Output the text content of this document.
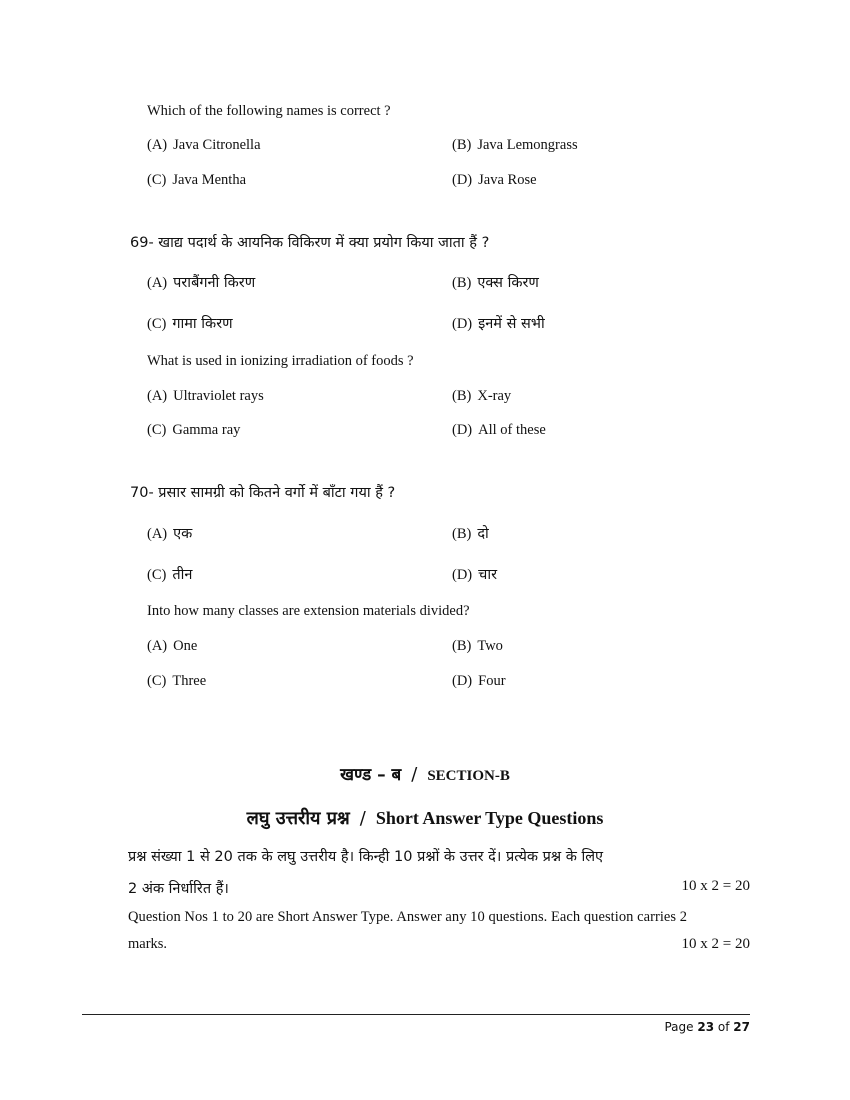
Which of the following names is correct ?
(A) Java Citronella	(B) Java Lemongrass
(C) Java Mentha	(D) Java Rose
69- खाद्य पदार्थ के आयनिक विकिरण में क्या प्रयोग किया जाता हैं ?
(A) पराबैंगनी किरण	(B) एक्स किरण
(C) गामा किरण	(D) इनमें से सभी
What is used in ionizing irradiation of foods ?
(A) Ultraviolet rays	(B) X-ray
(C) Gamma ray	(D) All of these
70- प्रसार सामग्री को कितने वर्गो में बाँटा गया हैं ?
(A) एक	(B) दो
(C) तीन	(D) चार
Into how many classes are extension materials divided?
(A) One	(B) Two
(C) Three	(D) Four
खण्ड – ब / SECTION-B
लघु उत्तरीय प्रश्न / Short Answer Type Questions
प्रश्न संख्या 1 से 20 तक के लघु उत्तरीय है। किन्ही 10 प्रश्नों के उत्तर दें। प्रत्येक प्रश्न के लिए
2 अंक निर्धारित हैं।	10 x 2 = 20
Question Nos 1 to 20 are Short Answer Type. Answer any 10 questions. Each question carries 2
marks.	10 x 2 = 20
Page 23 of 27
